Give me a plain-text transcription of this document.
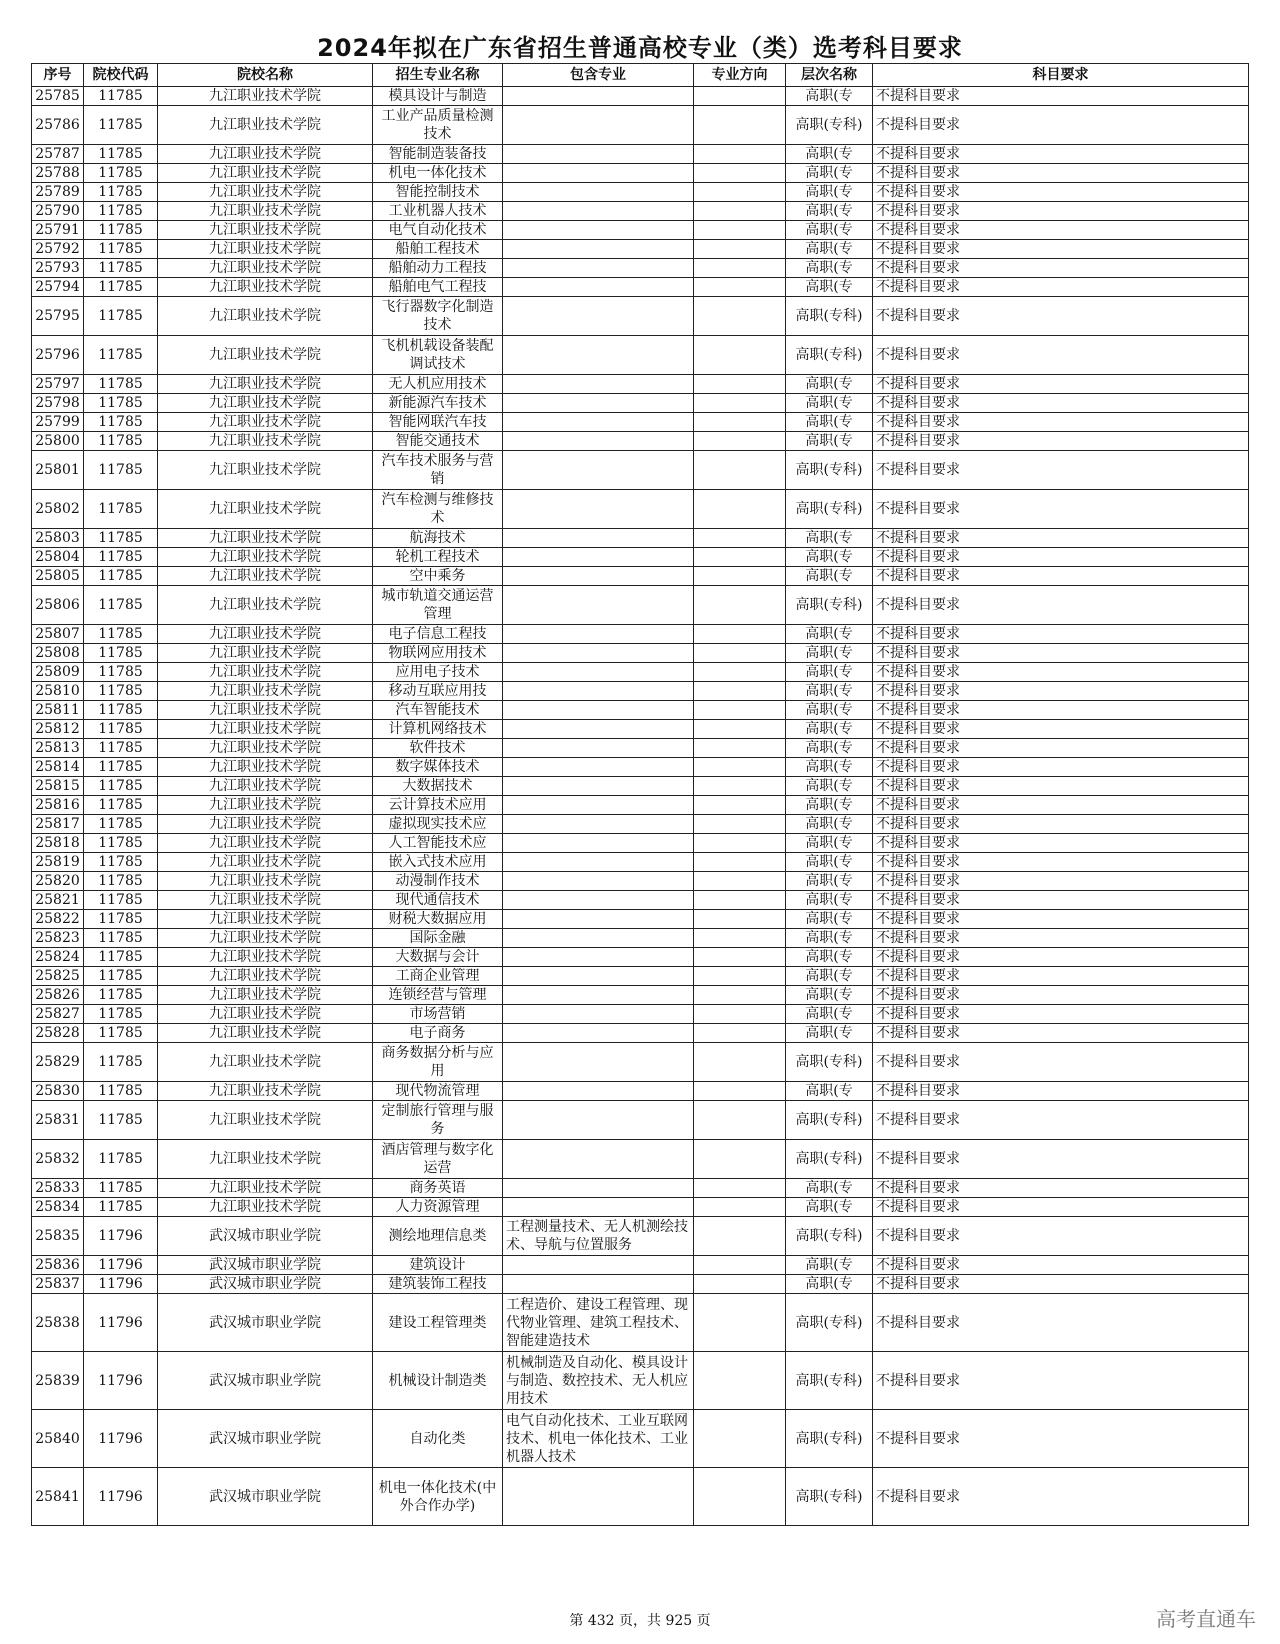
2024年拟在广东省招生普通高校专业（类）选考科目要求
序号	院校代码	院校名称	招生专业名称	包含专业	专业方向	层次名称	科目要求
25785	11785	九江职业技术学院	模具设计与制造			高职(专	不提科目要求
25786	11785	九江职业技术学院	工业产品质量检测技术			高职(专科)	不提科目要求
25787	11785	九江职业技术学院	智能制造装备技			高职(专	不提科目要求
25788	11785	九江职业技术学院	机电一体化技术			高职(专	不提科目要求
25789	11785	九江职业技术学院	智能控制技术			高职(专	不提科目要求
25790	11785	九江职业技术学院	工业机器人技术			高职(专	不提科目要求
25791	11785	九江职业技术学院	电气自动化技术			高职(专	不提科目要求
25792	11785	九江职业技术学院	船舶工程技术			高职(专	不提科目要求
25793	11785	九江职业技术学院	船舶动力工程技			高职(专	不提科目要求
25794	11785	九江职业技术学院	船舶电气工程技			高职(专	不提科目要求
25795	11785	九江职业技术学院	飞行器数字化制造技术			高职(专科)	不提科目要求
25796	11785	九江职业技术学院	飞机机载设备装配调试技术			高职(专科)	不提科目要求
25797	11785	九江职业技术学院	无人机应用技术			高职(专	不提科目要求
25798	11785	九江职业技术学院	新能源汽车技术			高职(专	不提科目要求
25799	11785	九江职业技术学院	智能网联汽车技			高职(专	不提科目要求
25800	11785	九江职业技术学院	智能交通技术			高职(专	不提科目要求
25801	11785	九江职业技术学院	汽车技术服务与营销			高职(专科)	不提科目要求
25802	11785	九江职业技术学院	汽车检测与维修技术			高职(专科)	不提科目要求
25803	11785	九江职业技术学院	航海技术			高职(专	不提科目要求
25804	11785	九江职业技术学院	轮机工程技术			高职(专	不提科目要求
25805	11785	九江职业技术学院	空中乘务			高职(专	不提科目要求
25806	11785	九江职业技术学院	城市轨道交通运营管理			高职(专科)	不提科目要求
25807	11785	九江职业技术学院	电子信息工程技			高职(专	不提科目要求
25808	11785	九江职业技术学院	物联网应用技术			高职(专	不提科目要求
25809	11785	九江职业技术学院	应用电子技术			高职(专	不提科目要求
25810	11785	九江职业技术学院	移动互联应用技			高职(专	不提科目要求
25811	11785	九江职业技术学院	汽车智能技术			高职(专	不提科目要求
25812	11785	九江职业技术学院	计算机网络技术			高职(专	不提科目要求
25813	11785	九江职业技术学院	软件技术			高职(专	不提科目要求
25814	11785	九江职业技术学院	数字媒体技术			高职(专	不提科目要求
25815	11785	九江职业技术学院	大数据技术			高职(专	不提科目要求
25816	11785	九江职业技术学院	云计算技术应用			高职(专	不提科目要求
25817	11785	九江职业技术学院	虚拟现实技术应			高职(专	不提科目要求
25818	11785	九江职业技术学院	人工智能技术应			高职(专	不提科目要求
25819	11785	九江职业技术学院	嵌入式技术应用			高职(专	不提科目要求
25820	11785	九江职业技术学院	动漫制作技术			高职(专	不提科目要求
25821	11785	九江职业技术学院	现代通信技术			高职(专	不提科目要求
25822	11785	九江职业技术学院	财税大数据应用			高职(专	不提科目要求
25823	11785	九江职业技术学院	国际金融			高职(专	不提科目要求
25824	11785	九江职业技术学院	大数据与会计			高职(专	不提科目要求
25825	11785	九江职业技术学院	工商企业管理			高职(专	不提科目要求
25826	11785	九江职业技术学院	连锁经营与管理			高职(专	不提科目要求
25827	11785	九江职业技术学院	市场营销			高职(专	不提科目要求
25828	11785	九江职业技术学院	电子商务			高职(专	不提科目要求
25829	11785	九江职业技术学院	商务数据分析与应用			高职(专科)	不提科目要求
25830	11785	九江职业技术学院	现代物流管理			高职(专	不提科目要求
25831	11785	九江职业技术学院	定制旅行管理与服务			高职(专科)	不提科目要求
25832	11785	九江职业技术学院	酒店管理与数字化运营			高职(专科)	不提科目要求
25833	11785	九江职业技术学院	商务英语			高职(专	不提科目要求
25834	11785	九江职业技术学院	人力资源管理			高职(专	不提科目要求
25835	11796	武汉城市职业学院	测绘地理信息类	工程测量技术、无人机测绘技术、导航与位置服务		高职(专科)	不提科目要求
25836	11796	武汉城市职业学院	建筑设计			高职(专	不提科目要求
25837	11796	武汉城市职业学院	建筑装饰工程技			高职(专	不提科目要求
25838	11796	武汉城市职业学院	建设工程管理类	工程造价、建设工程管理、现代物业管理、建筑工程技术、智能建造技术		高职(专科)	不提科目要求
25839	11796	武汉城市职业学院	机械设计制造类	机械制造及自动化、模具设计与制造、数控技术、无人机应用技术		高职(专科)	不提科目要求
25840	11796	武汉城市职业学院	自动化类	电气自动化技术、工业互联网技术、机电一体化技术、工业机器人技术		高职(专科)	不提科目要求
25841	11796	武汉城市职业学院	机电一体化技术(中外合作办学)			高职(专科)	不提科目要求
第 432 页，共 925 页	高考直通车
